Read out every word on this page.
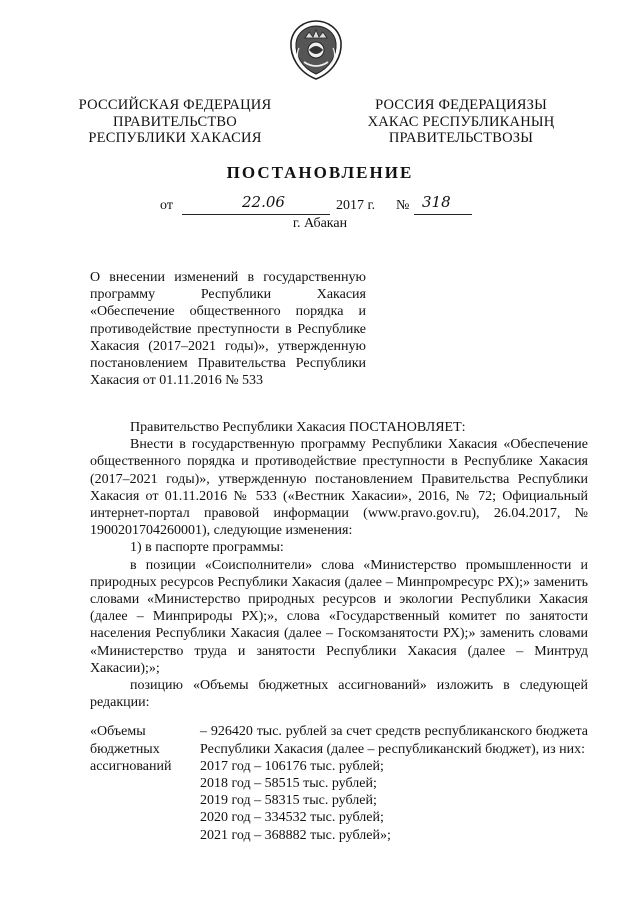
РОССИЙСКАЯ ФЕДЕРАЦИЯ
ПРАВИТЕЛЬСТВО
РЕСПУБЛИКИ ХАКАСИЯ
РОССИЯ ФЕДЕРАЦИЯЗЫ
ХАКАС РЕСПУБЛИКАНЫҢ
ПРАВИТЕЛЬСТВОЗЫ
ПОСТАНОВЛЕНИЕ
от	22.06	2017 г. № 318
г. Абакан
О внесении изменений в государственную программу Республики Хакасия «Обеспечение общественного порядка и противодействие преступности в Республике Хакасия (2017–2021 годы)», утвержденную постановлением Правительства Республики Хакасия от 01.11.2016 № 533

Правительство Республики Хакасия ПОСТАНОВЛЯЕТ:

Внести в государственную программу Республики Хакасия «Обеспечение общественного порядка и противодействие преступности в Республике Хакасия (2017–2021 годы)», утвержденную постановлением Правительства Республики Хакасия от 01.11.2016 № 533 («Вестник Хакасии», 2016, № 72; Официальный интернет-портал правовой информации (www.pravo.gov.ru), 26.04.2017, № 1900201704260001), следующие изменения:

1) в паспорте программы:

в позиции «Соисполнители» слова «Министерство промышленности и природных ресурсов Республики Хакасия (далее – Минпромресурс РХ);» заменить словами «Министерство природных ресурсов и экологии Республики Хакасия (далее – Минприроды РХ);», слова «Государственный комитет по занятости населения Республики Хакасия (далее – Госкомзанятости РХ);» заменить словами «Министерство труда и занятости Республики Хакасия (далее – Минтруд Хакасии);»;

позицию «Объемы бюджетных ассигнований» изложить в следующей редакции:

«Объемы бюджетных ассигнований
– 926420 тыс. рублей за счет средств республиканского бюджета Республики Хакасия (далее – республиканский бюджет), из них:
2017 год – 106176 тыс. рублей;
2018 год – 58515 тыс. рублей;
2019 год – 58315 тыс. рублей;
2020 год – 334532 тыс. рублей;
2021 год – 368882 тыс. рублей»;
